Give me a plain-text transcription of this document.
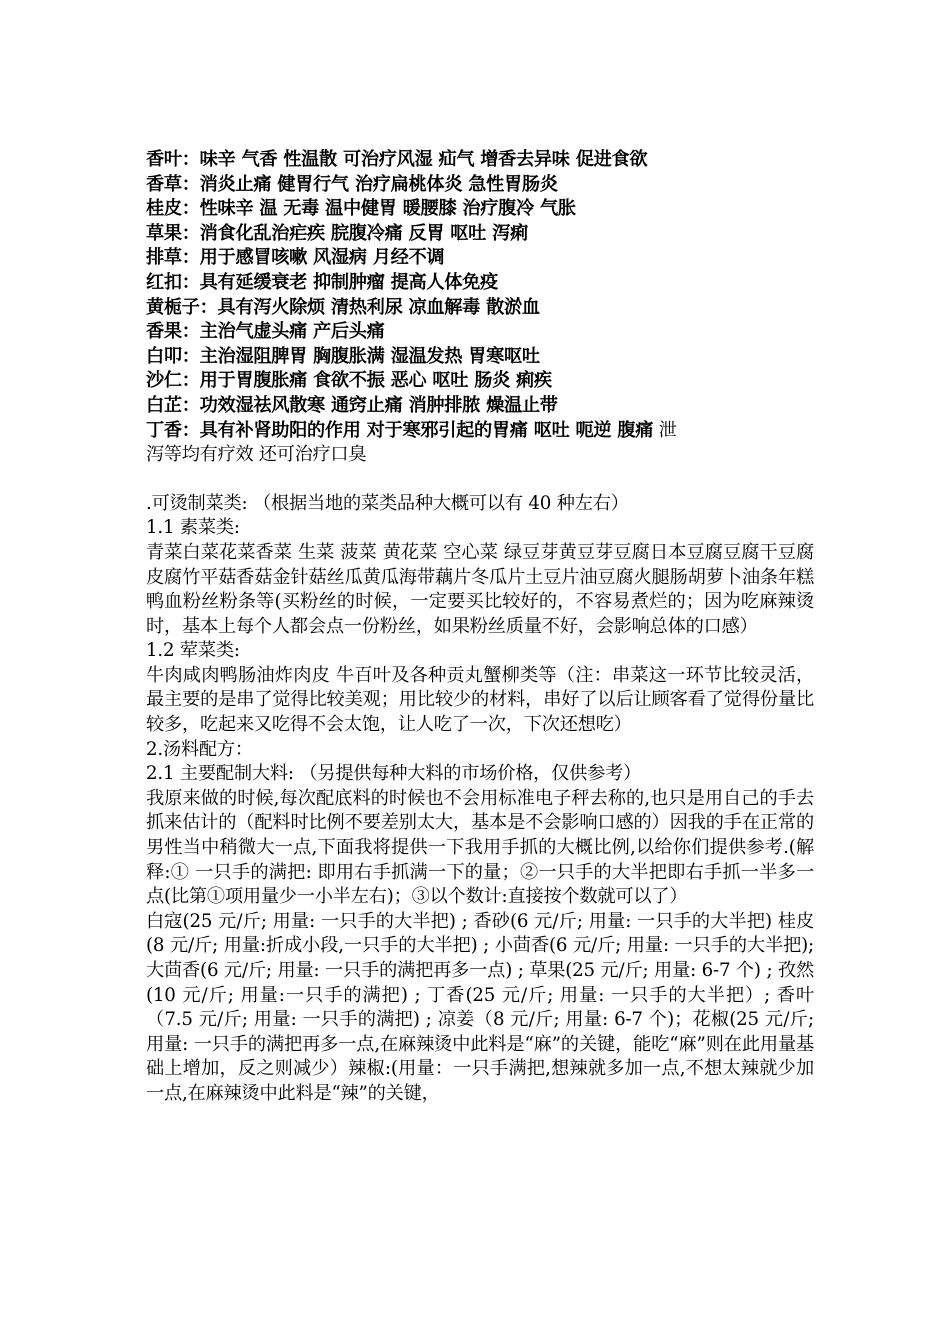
香叶：味辛 气香 性温散 可治疗风湿 疝气 增香去异味 促进食欲
香草：消炎止痛 健胃行气 治疗扁桃体炎 急性胃肠炎
桂皮：性味辛 温 无毒 温中健胃 暖腰膝 治疗腹冷 气胀
草果：消食化乱治疟疾 脘腹冷痛 反胃 呕吐 泻痢
排草：用于感冒咳嗽 风湿病 月经不调
红扣：具有延缓衰老 抑制肿瘤 提高人体免疫
黄栀子：具有泻火除烦 清热利尿 凉血解毒 散淤血
香果：主治气虚头痛 产后头痛
白叩：主治湿阻脾胃 胸腹胀满 湿温发热 胃寒呕吐
沙仁：用于胃腹胀痛 食欲不振 恶心 呕吐 肠炎 痢疾
白芷：功效湿祛风散寒 通窍止痛 消肿排脓 燥温止带
丁香：具有补肾助阳的作用 对于寒邪引起的胃痛 呕吐 呃逆 腹痛 泄
泻等均有疗效 还可治疗口臭

.可烫制菜类: （根据当地的菜类品种大概可以有 40 种左右）

1.1 素菜类:

青菜白菜花菜香菜 生菜 菠菜 黄花菜 空心菜 绿豆芽黄豆芽豆腐日本豆腐豆腐干豆腐皮腐竹平菇香菇金针菇丝瓜黄瓜海带藕片冬瓜片土豆片油豆腐火腿肠胡萝卜油条年糕鸭血粉丝粉条等(买粉丝的时候，一定要买比较好的，不容易煮烂的；因为吃麻辣烫时，基本上每个人都会点一份粉丝，如果粉丝质量不好，会影响总体的口感）

1.2 荤菜类:

牛肉咸肉鸭肠油炸肉皮 牛百叶及各种贡丸蟹柳类等（注：串菜这一环节比较灵活，最主要的是串了觉得比较美观；用比较少的材料，串好了以后让顾客看了觉得份量比较多，吃起来又吃得不会太饱，让人吃了一次，下次还想吃）

2.汤料配方：

2.1 主要配制大料: （另提供每种大料的市场价格，仅供参考）

我原来做的时候,每次配底料的时候也不会用标准电子秤去称的,也只是用自己的手去抓来估计的（配料时比例不要差别太大，基本是不会影响口感的）因我的手在正常的男性当中稍微大一点,下面我将提供一下我用手抓的大概比例,以给你们提供参考.(解释:① 一只手的满把: 即用右手抓满一下的量；②一只手的大半把即右手抓一半多一点(比第①项用量少一小半左右)；③以个数计:直接按个数就可以了）

白寇(25 元/斤; 用量: 一只手的大半把) ; 香砂(6 元/斤; 用量: 一只手的大半把) 桂皮(8 元/斤; 用量:折成小段,一只手的大半把) ; 小茴香(6 元/斤; 用量: 一只手的大半把); 大茴香(6 元/斤; 用量: 一只手的满把再多一点) ; 草果(25 元/斤; 用量: 6-7 个) ; 孜然(10 元/斤; 用量:一只手的满把) ; 丁香(25 元/斤; 用量: 一只手的大半把）; 香叶（7.5 元/斤; 用量: 一只手的满把) ; 凉姜（8 元/斤; 用量: 6-7 个)；花椒(25 元/斤; 用量: 一只手的满把再多一点,在麻辣烫中此料是“麻”的关键，能吃“麻”则在此用量基础上增加，反之则减少）辣椒:(用量：一只手满把,想辣就多加一点,不想太辣就少加一点,在麻辣烫中此料是“辣”的关键，
